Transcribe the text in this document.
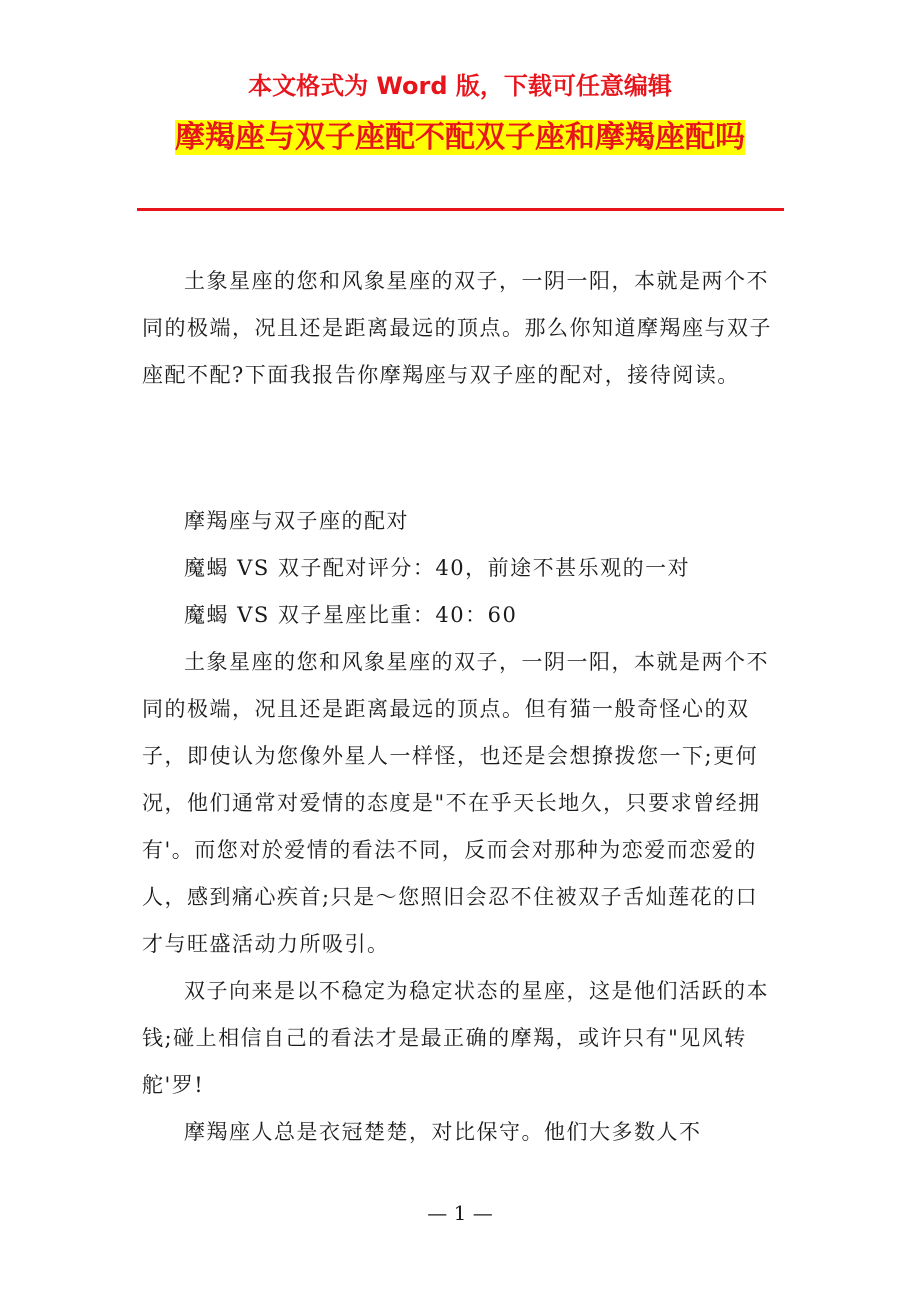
本文格式为 Word 版，下载可任意编辑
摩羯座与双子座配不配双子座和摩羯座配吗

土象星座的您和风象星座的双子，一阴一阳，本就是两个不同的极端，况且还是距离最远的顶点。那么你知道摩羯座与双子座配不配?下面我报告你摩羯座与双子座的配对，接待阅读。

摩羯座与双子座的配对

魔蝎 VS 双子配对评分：40，前途不甚乐观的一对

魔蝎 VS 双子星座比重：40：60

土象星座的您和风象星座的双子，一阴一阳，本就是两个不同的极端，况且还是距离最远的顶点。但有猫一般奇怪心的双子，即使认为您像外星人一样怪，也还是会想撩拨您一下;更何况，他们通常对爱情的态度是"不在乎天长地久，只要求曾经拥有'。而您对於爱情的看法不同，反而会对那种为恋爱而恋爱的人，感到痛心疾首;只是～您照旧会忍不住被双子舌灿莲花的口才与旺盛活动力所吸引。

双子向来是以不稳定为稳定状态的星座，这是他们活跃的本钱;碰上相信自己的看法才是最正确的摩羯，或许只有"见风转舵'罗!

摩羯座人总是衣冠楚楚，对比保守。他们大多数人不

— 1 —
